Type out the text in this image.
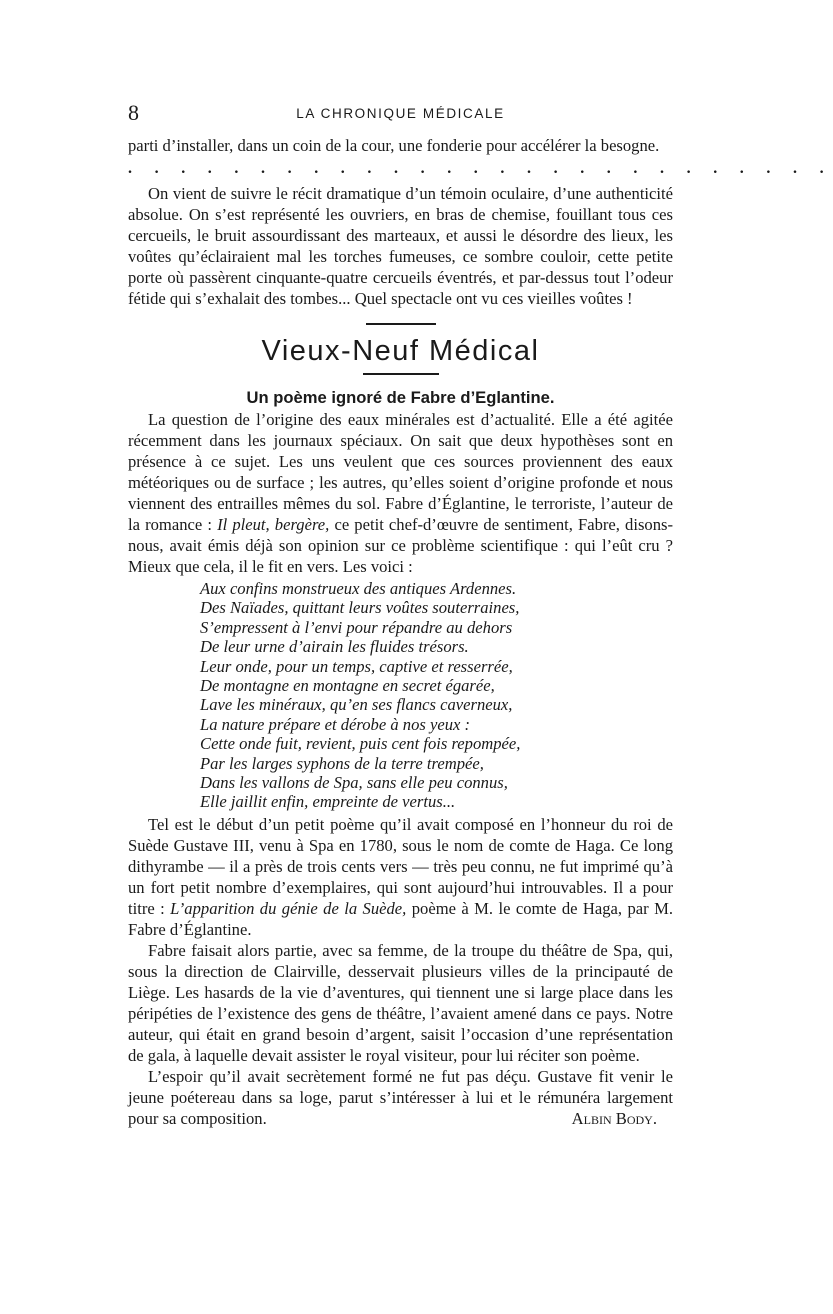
8	LA CHRONIQUE MÉDICALE

parti d’installer, dans un coin de la cour, une fonderie pour accélérer la besogne.

. . . . . . . . . . . . . . . . . . . . . . . . . . .

On vient de suivre le récit dramatique d’un témoin oculaire, d’une authenticité absolue. On s’est représenté les ouvriers, en bras de chemise, fouillant tous ces cercueils, le bruit assourdissant des marteaux, et aussi le désordre des lieux, les voûtes qu’éclairaient mal les torches fumeuses, ce sombre couloir, cette petite porte où passèrent cinquante-quatre cercueils éventrés, et par-dessus tout l’odeur fétide qui s’exhalait des tombes... Quel spectacle ont vu ces vieilles voûtes !

Vieux-Neuf Médical
Un poème ignoré de Fabre d’Eglantine.

La question de l’origine des eaux minérales est d’actualité. Elle a été agitée récemment dans les journaux spéciaux. On sait que deux hypothèses sont en présence à ce sujet. Les uns veulent que ces sources proviennent des eaux météoriques ou de surface ; les autres, qu’elles soient d’origine profonde et nous viennent des entrailles mêmes du sol. Fabre d’Églantine, le terroriste, l’auteur de la romance : Il pleut, bergère, ce petit chef-d’œuvre de sentiment, Fabre, disons-nous, avait émis déjà son opinion sur ce problème scientifique : qui l’eût cru ? Mieux que cela, il le fit en vers. Les voici :

Aux confins monstrueux des antiques Ardennes.
Des Naïades, quittant leurs voûtes souterraines,
S’empressent à l’envi pour répandre au dehors
De leur urne d’airain les fluides trésors.
Leur onde, pour un temps, captive et resserrée,
De montagne en montagne en secret égarée,
Lave les minéraux, qu’en ses flancs caverneux,
La nature prépare et dérobe à nos yeux :
Cette onde fuit, revient, puis cent fois repompée,
Par les larges syphons de la terre trempée,
Dans les vallons de Spa, sans elle peu connus,
Elle jaillit enfin, empreinte de vertus...

Tel est le début d’un petit poème qu’il avait composé en l’honneur du roi de Suède Gustave III, venu à Spa en 1780, sous le nom de comte de Haga. Ce long dithyrambe — il a près de trois cents vers — très peu connu, ne fut imprimé qu’à un fort petit nombre d’exemplaires, qui sont aujourd’hui introuvables. Il a pour titre : L’apparition du génie de la Suède, poème à M. le comte de Haga, par M. Fabre d’Églantine.

Fabre faisait alors partie, avec sa femme, de la troupe du théâtre de Spa, qui, sous la direction de Clairville, desservait plusieurs villes de la principauté de Liège. Les hasards de la vie d’aventures, qui tiennent une si large place dans les péripéties de l’existence des gens de théâtre, l’avaient amené dans ce pays. Notre auteur, qui était en grand besoin d’argent, saisit l’occasion d’une représentation de gala, à laquelle devait assister le royal visiteur, pour lui réciter son poème.

L’espoir qu’il avait secrètement formé ne fut pas déçu. Gustave fit venir le jeune poétereau dans sa loge, parut s’intéresser à lui et le rémunéra largement pour sa composition.	Albin Body.
